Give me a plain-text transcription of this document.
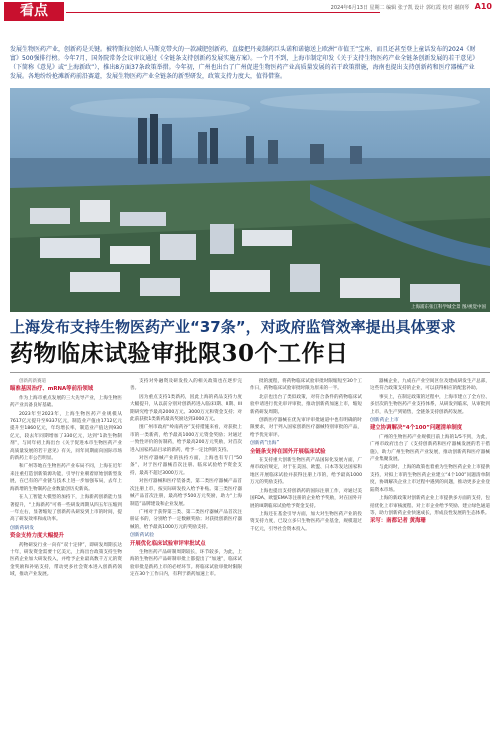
看点	2024年6月13日 星期二 编辑 张子凯 设计 郭红霞 校对 谢润琴 A10

发展生物医药产业，创新药是关键。被特斯拉创始人马斯克带火的一款减肥创新药，直接把丹麦制药巨头诺和诺德送上欧洲“市值王”宝座，而且还甚至登上童话发布的2024《财富》500强排行榜。今年7月，国务院常务会议审议通过《全链条支持创新药发展实施方案》。一个月不到，上海市制定印发《关于支持生物医药产业全链条创新发展的若干意见》（下简称《意见》或“上海新政”），推出8方面37条政策举措。今年初，广州也出台了广州促进生物医药产业高质量发展的若干政策措施，海南也提出支持创新药和医疗器械产业发展。各地纷纷抢滩新药前沿赛道，发展生物医药产业全链条的新型研发，政策支持力度大，值得借鉴。

上海浦东张江科学城全景 图/视觉中国
上海发布支持生物医药产业“37条”，对政府监管效率提出具体要求
药物临床试验审批限30个工作日

创新药新赛道

瞄准基因治疗、mRNA等前沿领域

作为上海市重点发展的三大先导产业，上海生物医药产业具备良好基础。

2023年至2023年，上海生物医药产业规模从7617亿元提升至9337亿元，制造业产值由1712亿元提升至1860亿元，年均增长率，制造业产值达到930亿元，较去年同期增加了330亿元，达到“1款生物制剂”，与同年初上海出台《关于促进本市生物医药产业高质量发展的若干意见》有关，同年同期面向国际市场的新药上市公告明显。

和广州等地在生物医药产业布局不同，上海在近年来注重打造创新策源功能，引导行业朝着原始创新型发展，在已有的产业链与技术上进一步加强布局，去年上海新增的生物制药企业数量创历史新高。

在人工智能大模型的加持下，上海新药创新能力显著提升，“上海新药”可将一些研发周期从四五年压缩到一年左右，显著缩短了创新药从研发到上市的时间，提高了研发效率和成功率。

创新药研发

资金支持力度大幅提升

药物研发行业一向有“双十定律”，即研发周期长达十年，研发资金需要十亿美元，上海出台政策支持生物医药企业加大研发投入，并给予企业最高数千万元的资金奖励和补贴支持，带动更多社会资本进入创新药领域，推动产业发展。

支持对外融资及研发投入的相关政策也在逐步完善。

因为重点支持1类新药，因此上海的药品支持力度大幅提升，从以前分别对创新药进入临床I期、II期、III期研究给予最高2000万元、3000万元和资金支持；对此前获批1类新药最高奖励达到3000万元。

围广州市政府“岭南药谷”支持措施来看，对获批上市的一类新药，给予最高1000万元资金奖励；对通过一致性评价的仿制药，给予最高200万元奖励，对首次进入国家药品目录的新药，给予一定比例的支持。

对医疗器械产业的扶持方面，上海也有专门“50条”，对于医疗器械首次注册、临床试验给予资金支持，最高不超过3000万元。

对医疗器械和医疗装备类，第二类医疗器械产品首次注册上市，按实际研发投入给予补贴。第三类医疗器械产品首次注册，最高给予500万元奖励，助力“上海制造”品牌建设和企业发展。

广州对于获得第三类、第二类医疗器械产品首次注册证书的，分别给予一定数额奖励；对获批创新医疗器械的，给予最高1000万元的奖励支持。

创新药试验

开展优化临床试验审评审批试点

生物医药产品研制周期较长，环节较多，为此，上海的生物医药产品研制审批上都提出了“加速”，临床试验审批是新药上市的必经环节。将临床试验审批时限限定在30个工作日内，有利于新药加速上市。

批的流程，将药物临床试验审批时限缩短至30个工作日，药物临床试验审批时限为原来的一半。

北京也出台了类似政策，对符合条件的药物临床试验申请进行优先审评审批，推动创新药加速上市，缩短新药研发周期。

创新医疗器械在优先审评审批通道中也有明确的时限要求，对于列入国家创新医疗器械特别审批的产品，给予优先审评。

创新药“出海”

全链条支持在国外开展临床试验

在支持重大创新生物医药产品国际化发展方面，广州市政府规定，对于在美国、欧盟、日本等发达国家和地区开展临床试验并获得注册上市的，给予最高1000万元的奖励支持。

上海也提出支持创新药的国际注册工作，对通过美国FDA、欧盟EMA等注册的企业给予奖励，对在国外开展的III期临床试验给予资金支持。

上海还在基金引导方面，加大对生物医药产业的投资支持力度，已设立多只生物医药产业基金，规模超过千亿元，引导社会资本投入。

器械企业，九成在产业空间区位及建成研发生产总部，这些符合政策支持的企业，可以获得相应的配套补助。

事实上，在制定政策的过程中，上海市建立了全方位、多层次的生物医药产业支持体系，从研发到临床，从审批到上市，从生产到销售，全链条支持创新药发展。

创新药企上市

建立协调解决“4个100”问题清单制度

广州的生物医药产业规模目前上海的1/5不到，为此，广州市政府出台了《支持创新药和医疗器械发展的若干措施》，助力广州生物医药产业发展，推动创新药和医疗器械产业集聚发展。

与此同时，上海的政策也着重为生物医药企业上市提供支持，对拟上市的生物医药企业建立“4个100”问题清单制度，协调解决企业上市过程中遇到的问题，推动更多企业登陆资本市场。

上海的新政策对创新药企业上市提供多方面的支持，包括优化上市审核流程、对上市企业给予奖励、建立绿色通道等，助力创新药企业快速成长，形成良性发展的生态体系。

采写：南都记者 黄海珊
